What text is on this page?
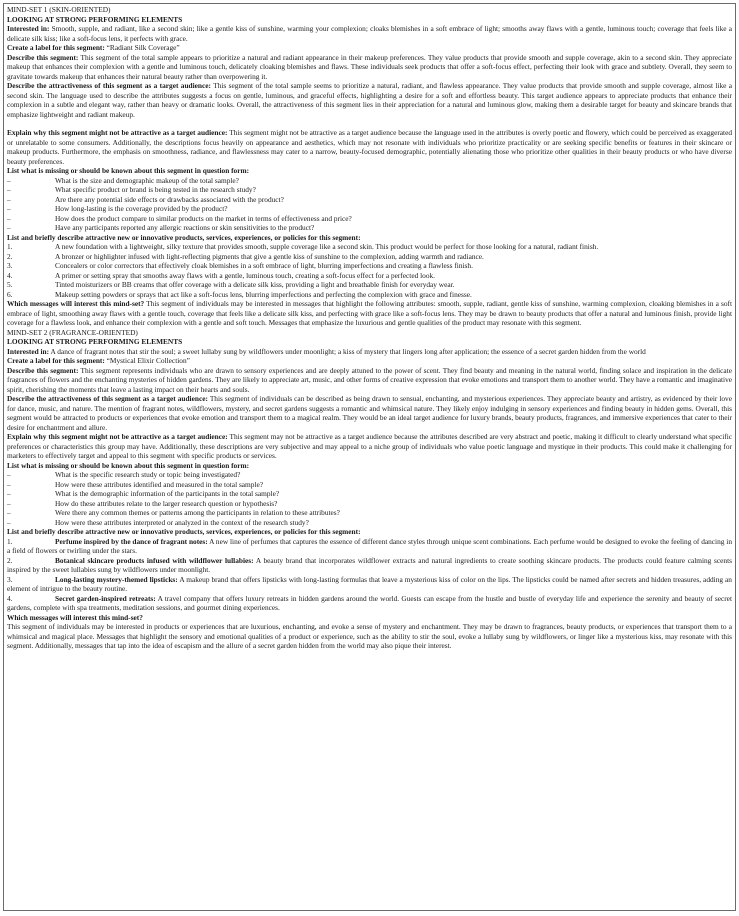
MIND-SET 1 (SKIN-ORIENTED)

LOOKING AT STRONG PERFORMING ELEMENTS

Interested in: Smooth, supple, and radiant, like a second skin; like a gentle kiss of sunshine, warming your complexion; cloaks blemishes in a soft embrace of light; smooths away flaws with a gentle, luminous touch; coverage that feels like a delicate silk kiss; like a soft-focus lens, it perfects with grace.

Create a label for this segment: “Radiant Silk Coverage”

Describe this segment: This segment of the total sample appears to prioritize a natural and radiant appearance in their makeup preferences. They value products that provide smooth and supple coverage, akin to a second skin. They appreciate makeup that enhances their complexion with a gentle and luminous touch, delicately cloaking blemishes and flaws. These individuals seek products that offer a soft-focus effect, perfecting their look with grace and subtlety. Overall, they seem to gravitate towards makeup that enhances their natural beauty rather than overpowering it.

Describe the attractiveness of this segment as a target audience: This segment of the total sample seems to prioritize a natural, radiant, and flawless appearance. They value products that provide smooth and supple coverage, almost like a second skin. The language used to describe the attributes suggests a focus on gentle, luminous, and graceful effects, highlighting a desire for a soft and effortless beauty. This target audience appears to appreciate products that enhance their complexion in a subtle and elegant way, rather than heavy or dramatic looks. Overall, the attractiveness of this segment lies in their appreciation for a natural and luminous glow, making them a desirable target for beauty and skincare brands that emphasize lightweight and radiant makeup.

Explain why this segment might not be attractive as a target audience: This segment might not be attractive as a target audience because the language used in the attributes is overly poetic and flowery, which could be perceived as exaggerated or unrelatable to some consumers. Additionally, the descriptions focus heavily on appearance and aesthetics, which may not resonate with individuals who prioritize practicality or are seeking specific benefits or features in their skincare or makeup products. Furthermore, the emphasis on smoothness, radiance, and flawlessness may cater to a narrow, beauty-focused demographic, potentially alienating those who prioritize other qualities in their beauty products or who have diverse beauty preferences.

List what is missing or should be known about this segment in question form:

–	What is the size and demographic makeup of the total sample?
–	What specific product or brand is being tested in the research study?
–	Are there any potential side effects or drawbacks associated with the product?
–	How long-lasting is the coverage provided by the product?
–	How does the product compare to similar products on the market in terms of effectiveness and price?
–	Have any participants reported any allergic reactions or skin sensitivities to the product?

List and briefly describe attractive new or innovative products, services, experiences, or policies for this segment:

1.	A new foundation with a lightweight, silky texture that provides smooth, supple coverage like a second skin. This product would be perfect for those looking for a natural, radiant finish.
2.	A bronzer or highlighter infused with light-reflecting pigments that give a gentle kiss of sunshine to the complexion, adding warmth and radiance.
3.	Concealers or color correctors that effectively cloak blemishes in a soft embrace of light, blurring imperfections and creating a flawless finish.
4.	A primer or setting spray that smooths away flaws with a gentle, luminous touch, creating a soft-focus effect for a perfected look.
5.	Tinted moisturizers or BB creams that offer coverage with a delicate silk kiss, providing a light and breathable finish for everyday wear.
6.	Makeup setting powders or sprays that act like a soft-focus lens, blurring imperfections and perfecting the complexion with grace and finesse.

Which messages will interest this mind-set? This segment of individuals may be interested in messages that highlight the following attributes: smooth, supple, radiant, gentle kiss of sunshine, warming complexion, cloaking blemishes in a soft embrace of light, smoothing away flaws with a gentle touch, coverage that feels like a delicate silk kiss, and perfecting with grace like a soft-focus lens. They may be drawn to beauty products that offer a natural and luminous finish, provide light coverage for a flawless look, and enhance their complexion with a gentle and soft touch. Messages that emphasize the luxurious and gentle qualities of the product may resonate with this segment.

MIND-SET 2 (FRAGRANCE-ORIENTED)

LOOKING AT STRONG PERFORMING ELEMENTS

Interested in: A dance of fragrant notes that stir the soul; a sweet lullaby sung by wildflowers under moonlight; a kiss of mystery that lingers long after application; the essence of a secret garden hidden from the world

Create a label for this segment: “Mystical Elixir Collection”

Describe this segment: This segment represents individuals who are drawn to sensory experiences and are deeply attuned to the power of scent. They find beauty and meaning in the natural world, finding solace and inspiration in the delicate fragrances of flowers and the enchanting mysteries of hidden gardens. They are likely to appreciate art, music, and other forms of creative expression that evoke emotions and transport them to another world. They have a romantic and imaginative spirit, cherishing the moments that leave a lasting impact on their hearts and souls.

Describe the attractiveness of this segment as a target audience: This segment of individuals can be described as being drawn to sensual, enchanting, and mysterious experiences. They appreciate beauty and artistry, as evidenced by their love for dance, music, and nature. The mention of fragrant notes, wildflowers, mystery, and secret gardens suggests a romantic and whimsical nature. They likely enjoy indulging in sensory experiences and finding beauty in hidden gems. Overall, this segment would be attracted to products or experiences that evoke emotion and transport them to a magical realm. They would be an ideal target audience for luxury brands, beauty products, fragrances, and immersive experiences that cater to their desire for enchantment and allure.

Explain why this segment might not be attractive as a target audience: This segment may not be attractive as a target audience because the attributes described are very abstract and poetic, making it difficult to clearly understand what specific preferences or characteristics this group may have. Additionally, these descriptions are very subjective and may appeal to a niche group of individuals who value poetic language and mystique in their products. This could make it challenging for marketers to effectively target and appeal to this segment with specific products or services.

List what is missing or should be known about this segment in question form:

–	What is the specific research study or topic being investigated?
–	How were these attributes identified and measured in the total sample?
–	What is the demographic information of the participants in the total sample?
–	How do these attributes relate to the larger research question or hypothesis?
–	Were there any common themes or patterns among the participants in relation to these attributes?
–	How were these attributes interpreted or analyzed in the context of the research study?

List and briefly describe attractive new or innovative products, services, experiences, or policies for this segment:

1.	Perfume inspired by the dance of fragrant notes: A new line of perfumes that captures the essence of different dance styles through unique scent combinations. Each perfume would be designed to evoke the feeling of dancing in a field of flowers or twirling under the stars.

2.	Botanical skincare products infused with wildflower lullabies: A beauty brand that incorporates wildflower extracts and natural ingredients to create soothing skincare products. The products could feature calming scents inspired by the sweet lullabies sung by wildflowers under moonlight.

3.	Long-lasting mystery-themed lipsticks: A makeup brand that offers lipsticks with long-lasting formulas that leave a mysterious kiss of color on the lips. The lipsticks could be named after secrets and hidden treasures, adding an element of intrigue to the beauty routine.

4.	Secret garden-inspired retreats: A travel company that offers luxury retreats in hidden gardens around the world. Guests can escape from the hustle and bustle of everyday life and experience the serenity and beauty of secret gardens, complete with spa treatments, meditation sessions, and gourmet dining experiences.

Which messages will interest this mind-set?

This segment of individuals may be interested in products or experiences that are luxurious, enchanting, and evoke a sense of mystery and enchantment. They may be drawn to fragrances, beauty products, or experiences that transport them to a whimsical and magical place. Messages that highlight the sensory and emotional qualities of a product or experience, such as the ability to stir the soul, evoke a lullaby sung by wildflowers, or linger like a mysterious kiss, may resonate with this segment. Additionally, messages that tap into the idea of escapism and the allure of a secret garden hidden from the world may also pique their interest.
